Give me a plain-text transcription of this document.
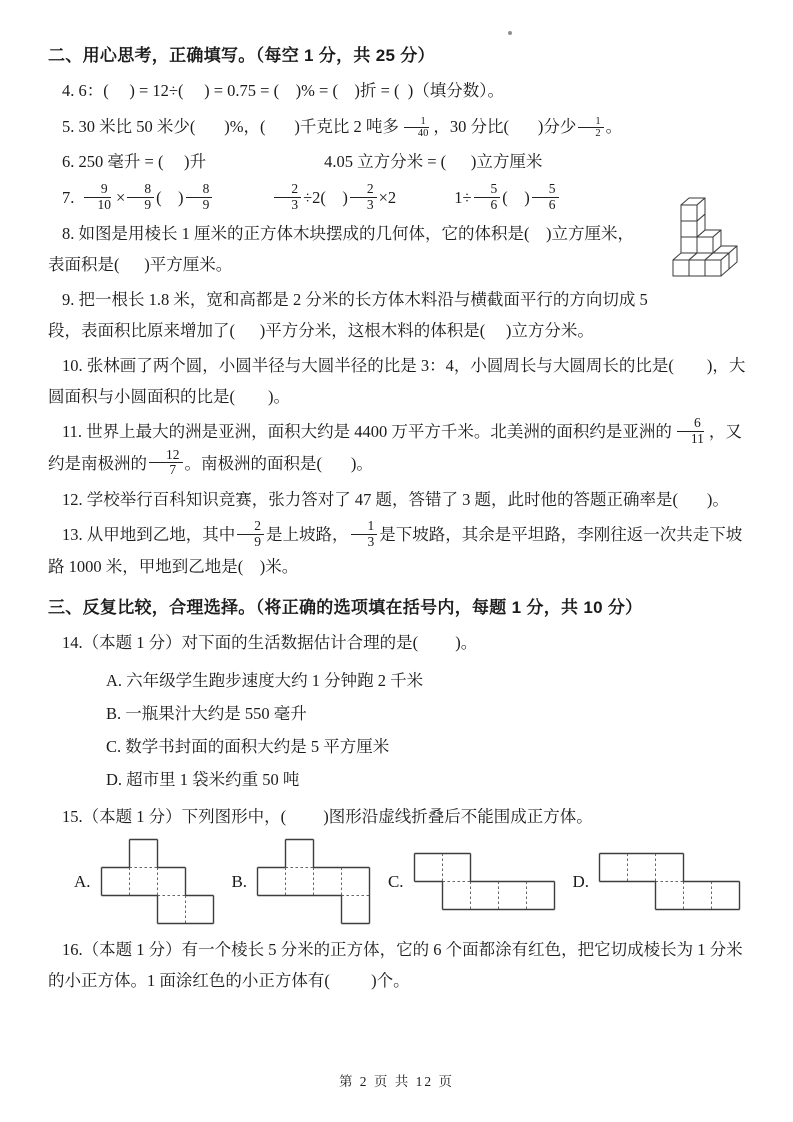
二、用心思考，正确填写。（每空 1 分，共 25 分）
4. 6：(     ) = 12÷(     ) = 0.75 = (    )% = (    )折 = (  )（填分数）。
5. 30 米比 50 米少(       )%，(       )千克比 2 吨多 $\frac{1}{40}$ ，30 分比(       )分少 $\frac{1}{2}$ 。
6. 250 毫升 = (     )升	4.05 立方分米 = (      )立方厘米
7. $\frac{9}{10} \times \frac{8}{9}$ (    ) $\frac{8}{9}$	$\frac{2}{3} \div 2$(    ) $\frac{2}{3} \times 2$	$1\div \frac{5}{6}$ (    ) $\frac{5}{6}$
8. 如图是用棱长 1 厘米的正方体木块摆成的几何体，它的体积是(    )立方厘米，表面积是(      )平方厘米。
9. 把一根长 1.8 米，宽和高都是 2 分米的长方体木料沿与横截面平行的方向切成 5 段，表面积比原来增加了(      )平方分米，这根木料的体积是(     )立方分米。
10. 张林画了两个圆，小圆半径与大圆半径的比是 3：4，小圆周长与大圆周长的比是(        )，大圆面积与小圆面积的比是(        )。
11. 世界上最大的洲是亚洲，面积大约是 4400 万平方千米。北美洲的面积约是亚洲的 $\frac{6}{11}$ ，又约是南极洲的 $\frac{12}{7}$ 。南极洲的面积是(       )。
12. 学校举行百科知识竞赛，张力答对了 47 题，答错了 3 题，此时他的答题正确率是(       )。
13. 从甲地到乙地，其中 $\frac{2}{9}$ 是上坡路， $\frac{1}{3}$ 是下坡路，其余是平坦路，李刚往返一次共走下坡路 1000 米，甲地到乙地是(    )米。
三、反复比较，合理选择。（将正确的选项填在括号内，每题 1 分，共 10 分）
14.（本题 1 分）对下面的生活数据估计合理的是(         )。
A. 六年级学生跑步速度大约 1 分钟跑 2 千米
B. 一瓶果汁大约是 550 毫升
C. 数学书封面的面积大约是 5 平方厘米
D. 超市里 1 袋米约重 50 吨
15.（本题 1 分）下列图形中，(         )图形沿虚线折叠后不能围成正方体。
A.	B.	C.	D.
16.（本题 1 分）有一个棱长 5 分米的正方体，它的 6 个面都涂有红色，把它切成棱长为 1 分米的小正方体。1 面涂红色的小正方体有(          )个。
第 2 页 共 12 页
